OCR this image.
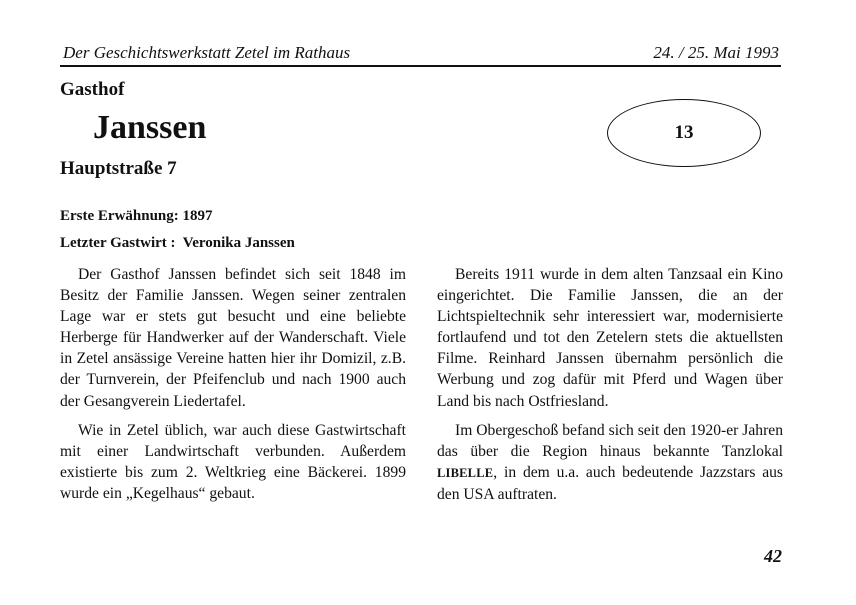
Der Geschichtswerkstatt Zetel im Rathaus	24. / 25. Mai 1993
Gasthof
Janssen
Hauptstraße 7
13
Erste Erwähnung: 1897
Letzter Gastwirt :  Veronika Janssen

Der Gasthof Janssen befindet sich seit 1848 im Besitz der Familie Janssen. Wegen seiner zentralen Lage war er stets gut besucht und eine beliebte Herberge für Handwerker auf der Wanderschaft. Viele in Zetel ansässige Vereine hatten hier ihr Domizil, z.B. der Turnverein, der Pfeifenclub und nach 1900 auch der Gesangverein Liedertafel.

Wie in Zetel üblich, war auch diese Gastwirtschaft mit einer Landwirtschaft verbunden. Außerdem existierte bis zum 2. Weltkrieg eine Bäckerei. 1899 wurde ein „Kegelhaus“ gebaut.

Bereits 1911 wurde in dem alten Tanzsaal ein Kino eingerichtet. Die Familie Janssen, die an der Lichtspieltechnik sehr interessiert war, modernisierte fortlaufend und tot den Zetelern stets die aktuellsten Filme. Reinhard Janssen übernahm persönlich die Werbung und zog dafür mit Pferd und Wagen über Land bis nach Ostfriesland.

Im Obergeschoß befand sich seit den 1920-er Jahren das über die Region hinaus bekannte Tanzlokal LIBELLE, in dem u.a. auch bedeutende Jazzstars aus den USA auftraten.

42
